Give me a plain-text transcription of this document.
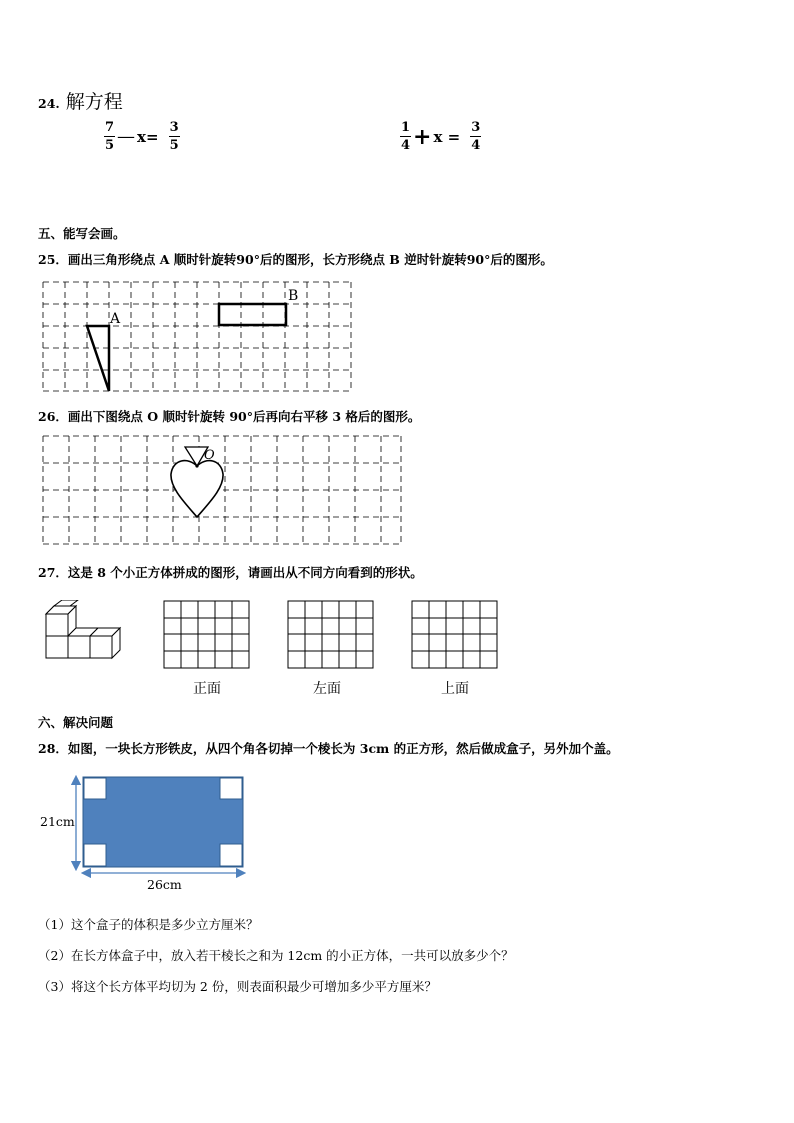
24. 解方程
$\frac{7}{5}$ — $x= \frac{3}{5}$	$\frac{1}{4} + x = \frac{3}{4}$
五、能写会画。
25．画出三角形绕点 A 顺时针旋转90°后的图形，长方形绕点 B 逆时针旋转90°后的图形。
A
B
26．画出下图绕点 O 顺时针旋转 90°后再向右平移 3 格后的图形。
O
27．这是 8 个小正方体拼成的图形，请画出从不同方向看到的形状。
正面	左面	上面
六、解决问题
28．如图，一块长方形铁皮，从四个角各切掉一个棱长为 3cm 的正方形，然后做成盒子，另外加个盖。
21cm
26cm
（1）这个盒子的体积是多少立方厘米？
（2）在长方体盒子中，放入若干棱长之和为 12cm 的小正方体，一共可以放多少个？
（3）将这个长方体平均切为 2 份，则表面积最少可增加多少平方厘米？
